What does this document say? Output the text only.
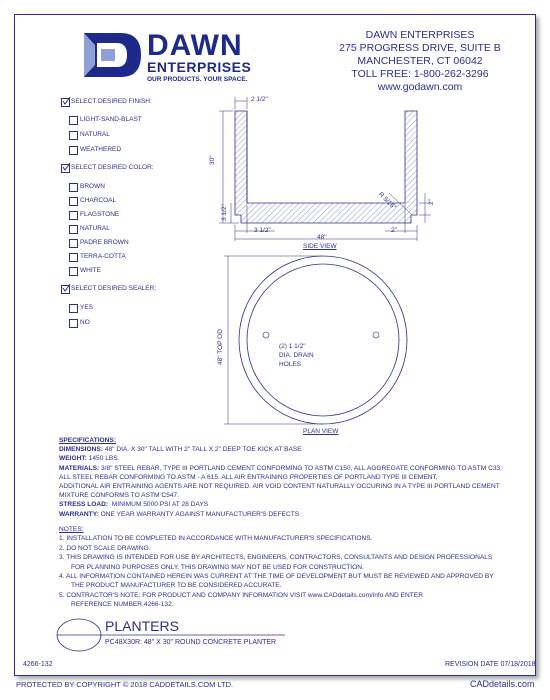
DAWN
ENTERPRISES
OUR PRODUCTS. YOUR SPACE.
DAWN ENTERPRISES
275 PROGRESS DRIVE, SUITE B
MANCHESTER, CT 06042
TOLL FREE: 1-800-262-3296
www.godawn.com
SELECT DESIRED FINISH:
LIGHT-SAND-BLAST
NATURAL
WEATHERED
SELECT DESIRED COLOR:
BROWN
CHARCOAL
FLAGSTONE
NATURAL
PADRE BROWN
TERRA-COTTA
WHITE
SELECT DESIRED SEALER:
YES
NO
2 1/2"
30"
3 1/2"
R 5/16"	2"
3 1/2"	2"
48"
SIDE VIEW
48" TOP OD	(2) 1 1/2"
DIA. DRAIN
HOLES
PLAN VIEW
SPECIFICATIONS:
DIMENSIONS: 48" DIA. X 30" TALL WITH 2" TALL X 2" DEEP TOE KICK AT BASE
WEIGHT: 1450 LBS.
MATERIALS: 3/8" STEEL REBAR, TYPE III PORTLAND CEMENT CONFORMING TO ASTM C150, ALL AGGREGATE CONFORMING TO ASTM C33,
ALL STEEL REBAR CONFORMING TO ASTM - A 615. ALL AIR ENTRAINING PROPERTIES OF PORTLAND TYPE III CEMENT,
ADDITIONAL AIR ENTRAINING AGENTS ARE NOT REQUIRED. AIR VOID CONTENT NATURALLY OCCURING IN A TYPE III PORTLAND CEMENT
MIXTURE CONFORMS TO ASTM C547.
STRESS LOAD: MINIMUM 5000 PSI AT 28 DAYS
WARRANTY: ONE YEAR WARRANTY AGAINST MANUFACTURER'S DEFECTS
NOTES:
1. INSTALLATION TO BE COMPLETED IN ACCORDANCE WITH MANUFACTURER'S SPECIFICATIONS.
2. DO NOT SCALE DRAWING.
3. THIS DRAWING IS INTENDED FOR USE BY ARCHITECTS, ENGINEERS, CONTRACTORS, CONSULTANTS AND DESIGN PROFESSIONALS
FOR PLANNING PURPOSES ONLY. THIS DRAWING MAY NOT BE USED FOR CONSTRUCTION.
4. ALL INFORMATION CONTAINED HEREIN WAS CURRENT AT THE TIME OF DEVELOPMENT BUT MUST BE REVIEWED AND APPROVED BY
THE PRODUCT MANUFACTURER TO BE CONSIDERED ACCURATE.
5. CONTRACTOR'S NOTE: FOR PRODUCT AND COMPANY INFORMATION VISIT www.CADdetails.com/info AND ENTER
REFERENCE NUMBER 4266-132.
PLANTERS
PC48X30R: 48" X 30" ROUND CONCRETE PLANTER
4266-132	REVISION DATE 07/18/2018
PROTECTED BY COPYRIGHT © 2018 CADDETAILS.COM LTD.	CADdetails.com
